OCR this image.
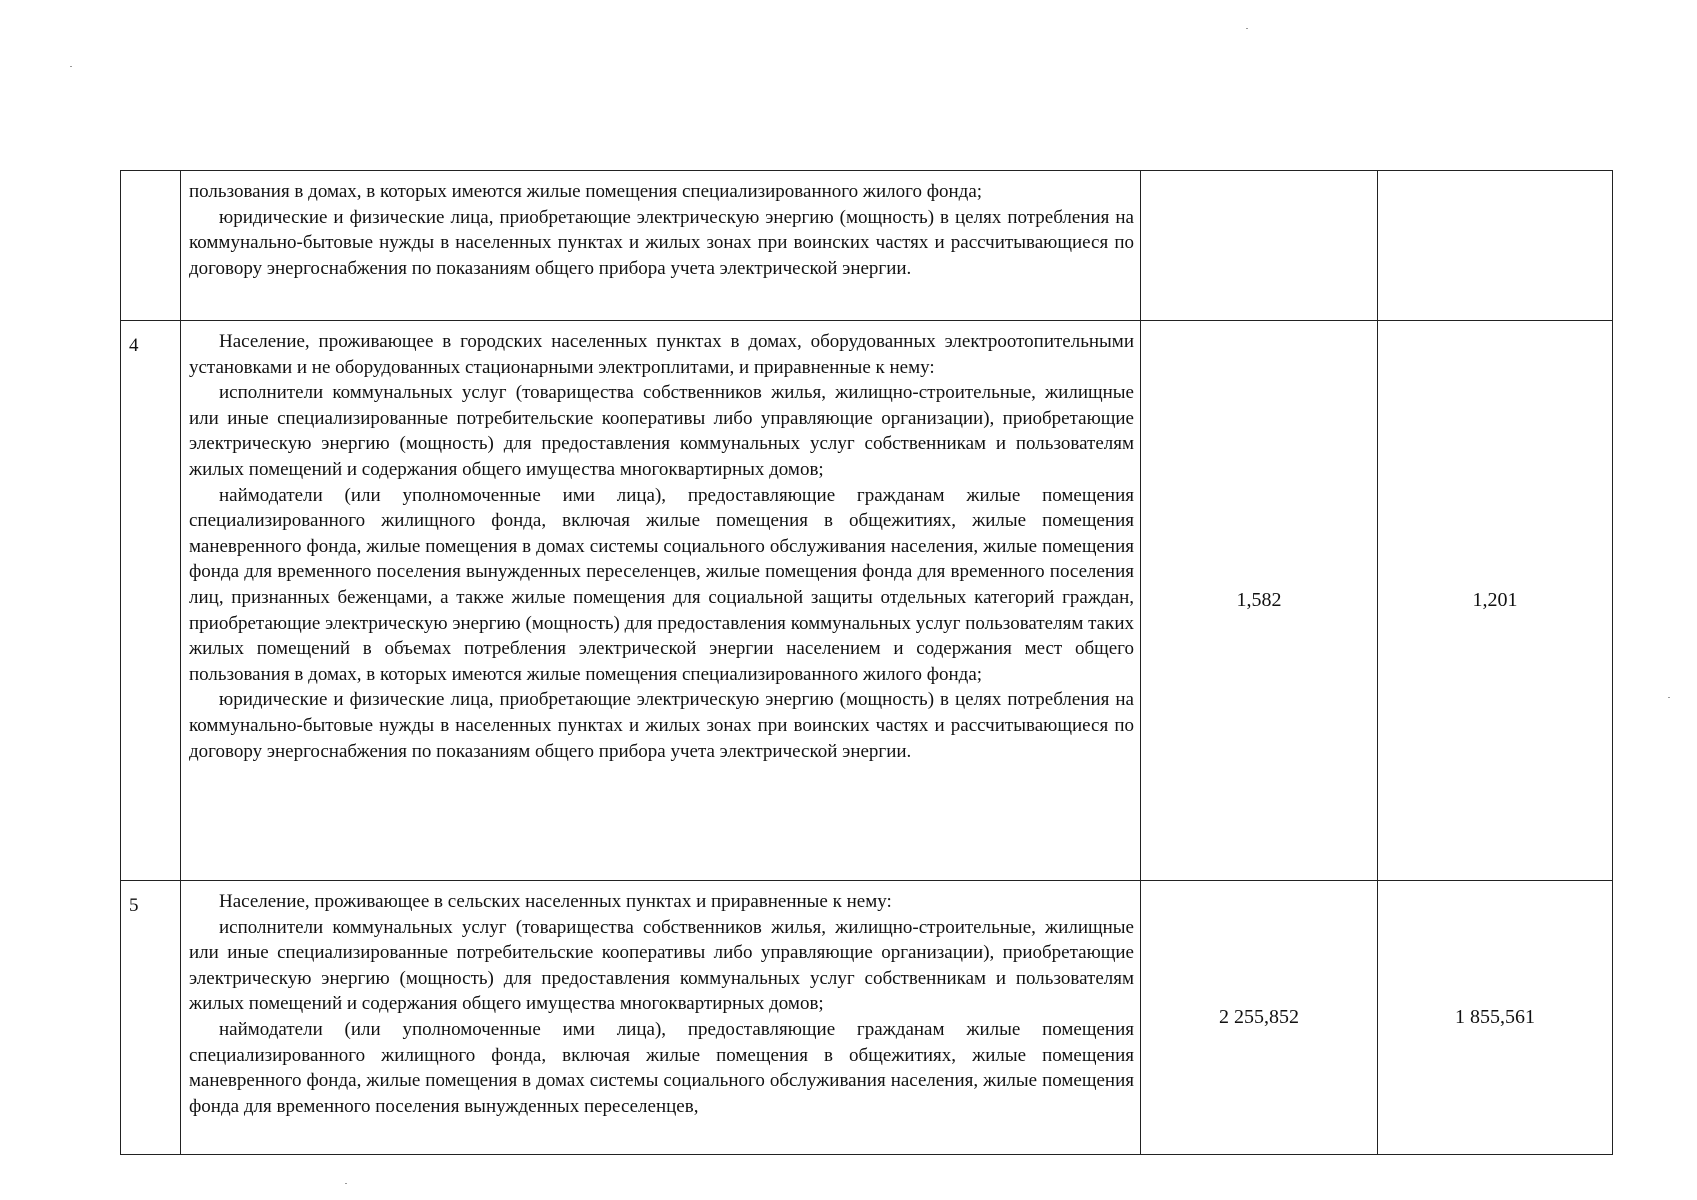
	пользования в домах, в которых имеются жилые помещения специализированного жилого фонда;

юридические и физические лица, приобретающие электрическую энергию (мощность) в целях потребления на коммунально-бытовые нужды в населенных пунктах и жилых зонах при воинских частях и рассчитывающиеся по договору энергоснабжения по показаниям общего прибора учета электрической энергии.		

4	Население, проживающее в городских населенных пунктах в домах, оборудованных электроотопительными установками и не оборудованных стационарными электроплитами, и приравненные к нему:

исполнители коммунальных услуг (товарищества собственников жилья, жилищно-строительные, жилищные или иные специализированные потребительские кооперативы либо управляющие организации), приобретающие электрическую энергию (мощность) для предоставления коммунальных услуг собственникам и пользователям жилых помещений и содержания общего имущества многоквартирных домов;

наймодатели (или уполномоченные ими лица), предоставляющие гражданам жилые помещения специализированного жилищного фонда, включая жилые помещения в общежитиях, жилые помещения маневренного фонда, жилые помещения в домах системы социального обслуживания населения, жилые помещения фонда для временного поселения вынужденных переселенцев, жилые помещения фонда для временного поселения лиц, признанных беженцами, а также жилые помещения для социальной защиты отдельных категорий граждан, приобретающие электрическую энергию (мощность) для предоставления коммунальных услуг пользователям таких жилых помещений в объемах потребления электрической энергии населением и содержания мест общего пользования в домах, в которых имеются жилые помещения специализированного жилого фонда;

юридические и физические лица, приобретающие электрическую энергию (мощность) в целях потребления на коммунально-бытовые нужды в населенных пунктах и жилых зонах при воинских частях и рассчитывающиеся по договору энергоснабжения по показаниям общего прибора учета электрической энергии.	1,582	1,201
5	Население, проживающее в сельских населенных пунктах и приравненные к нему:

исполнители коммунальных услуг (товарищества собственников жилья, жилищно-строительные, жилищные или иные специализированные потребительские кооперативы либо управляющие организации), приобретающие электрическую энергию (мощность) для предоставления коммунальных услуг собственникам и пользователям жилых помещений и содержания общего имущества многоквартирных домов;

наймодатели (или уполномоченные ими лица), предоставляющие гражданам жилые помещения специализированного жилищного фонда, включая жилые помещения в общежитиях, жилые помещения маневренного фонда, жилые помещения в домах системы социального обслуживания населения, жилые помещения фонда для временного поселения вынужденных переселенцев,	2 255,852	1 855,561
